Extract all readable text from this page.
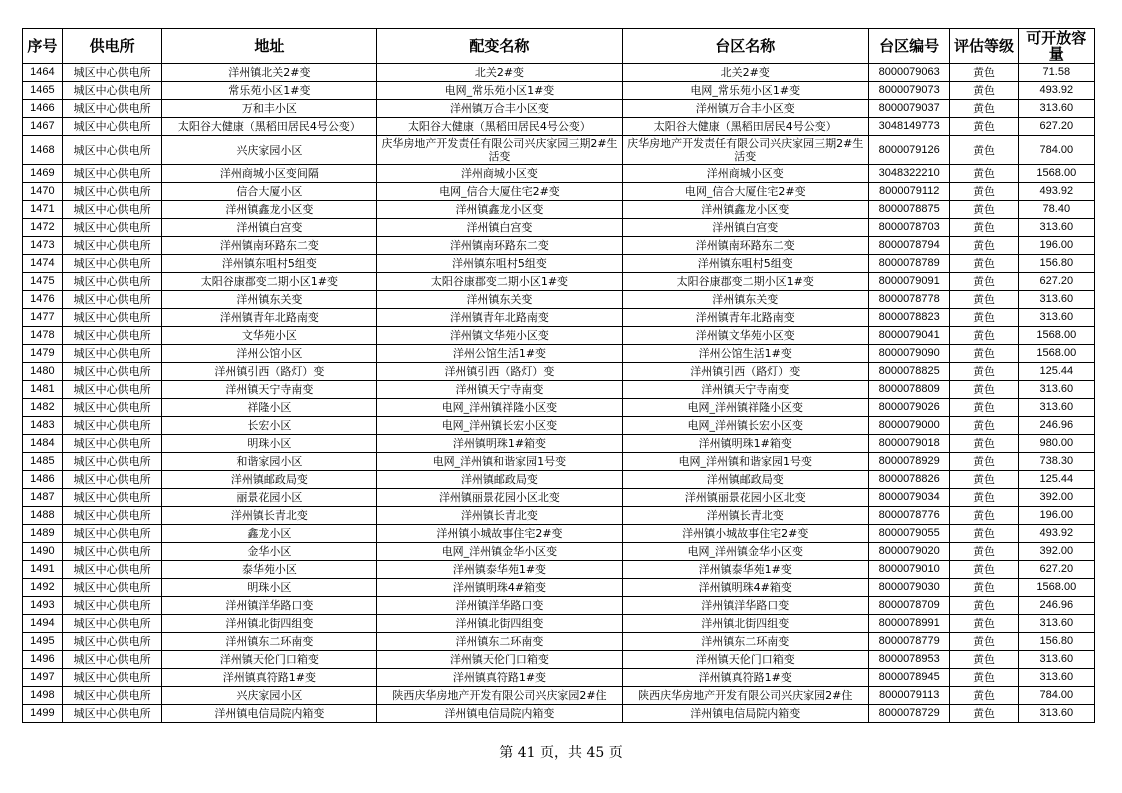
序号	供电所	地址	配变名称	台区名称	台区编号	评估等级	可开放容量
1464	城区中心供电所	洋州镇北关2#变	北关2#变	北关2#变	8000079063	黄色	71.58
1465	城区中心供电所	常乐苑小区1#变	电网_常乐苑小区1#变	电网_常乐苑小区1#变	8000079073	黄色	493.92
1466	城区中心供电所	万和丰小区	洋州镇万合丰小区变	洋州镇万合丰小区变	8000079037	黄色	313.60
1467	城区中心供电所	太阳谷大健康（黑稻田居民4号公变）	太阳谷大健康（黑稻田居民4号公变）	太阳谷大健康（黑稻田居民4号公变）	3048149773	黄色	627.20
1468	城区中心供电所	兴庆家园小区	庆华房地产开发责任有限公司兴庆家园三期2#生活变	庆华房地产开发责任有限公司兴庆家园三期2#生活变	8000079126	黄色	784.00
1469	城区中心供电所	洋州商城小区变间隔	洋州商城小区变	洋州商城小区变	3048322210	黄色	1568.00
1470	城区中心供电所	信合大厦小区	电网_信合大厦住宅2#变	电网_信合大厦住宅2#变	8000079112	黄色	493.92
1471	城区中心供电所	洋州镇鑫龙小区变	洋州镇鑫龙小区变	洋州镇鑫龙小区变	8000078875	黄色	78.40
1472	城区中心供电所	洋州镇白宫变	洋州镇白宫变	洋州镇白宫变	8000078703	黄色	313.60
1473	城区中心供电所	洋州镇南环路东二变	洋州镇南环路东二变	洋州镇南环路东二变	8000078794	黄色	196.00
1474	城区中心供电所	洋州镇东咀村5组变	洋州镇东咀村5组变	洋州镇东咀村5组变	8000078789	黄色	156.80
1475	城区中心供电所	太阳谷康郡变二期小区1#变	太阳谷康郡变二期小区1#变	太阳谷康郡变二期小区1#变	8000079091	黄色	627.20
1476	城区中心供电所	洋州镇东关变	洋州镇东关变	洋州镇东关变	8000078778	黄色	313.60
1477	城区中心供电所	洋州镇青年北路南变	洋州镇青年北路南变	洋州镇青年北路南变	8000078823	黄色	313.60
1478	城区中心供电所	文华苑小区	洋州镇文华苑小区变	洋州镇文华苑小区变	8000079041	黄色	1568.00
1479	城区中心供电所	洋州公馆小区	洋州公馆生活1#变	洋州公馆生活1#变	8000079090	黄色	1568.00
1480	城区中心供电所	洋州镇引西（路灯）变	洋州镇引西（路灯）变	洋州镇引西（路灯）变	8000078825	黄色	125.44
1481	城区中心供电所	洋州镇天宁寺南变	洋州镇天宁寺南变	洋州镇天宁寺南变	8000078809	黄色	313.60
1482	城区中心供电所	祥隆小区	电网_洋州镇祥隆小区变	电网_洋州镇祥隆小区变	8000079026	黄色	313.60
1483	城区中心供电所	长宏小区	电网_洋州镇长宏小区变	电网_洋州镇长宏小区变	8000079000	黄色	246.96
1484	城区中心供电所	明珠小区	洋州镇明珠1#箱变	洋州镇明珠1#箱变	8000079018	黄色	980.00
1485	城区中心供电所	和谐家园小区	电网_洋州镇和谐家园1号变	电网_洋州镇和谐家园1号变	8000078929	黄色	738.30
1486	城区中心供电所	洋州镇邮政局变	洋州镇邮政局变	洋州镇邮政局变	8000078826	黄色	125.44
1487	城区中心供电所	丽景花园小区	洋州镇丽景花园小区北变	洋州镇丽景花园小区北变	8000079034	黄色	392.00
1488	城区中心供电所	洋州镇长青北变	洋州镇长青北变	洋州镇长青北变	8000078776	黄色	196.00
1489	城区中心供电所	鑫龙小区	洋州镇小城故事住宅2#变	洋州镇小城故事住宅2#变	8000079055	黄色	493.92
1490	城区中心供电所	金华小区	电网_洋州镇金华小区变	电网_洋州镇金华小区变	8000079020	黄色	392.00
1491	城区中心供电所	泰华苑小区	洋州镇泰华苑1#变	洋州镇泰华苑1#变	8000079010	黄色	627.20
1492	城区中心供电所	明珠小区	洋州镇明珠4#箱变	洋州镇明珠4#箱变	8000079030	黄色	1568.00
1493	城区中心供电所	洋州镇洋华路口变	洋州镇洋华路口变	洋州镇洋华路口变	8000078709	黄色	246.96
1494	城区中心供电所	洋州镇北街四组变	洋州镇北街四组变	洋州镇北街四组变	8000078991	黄色	313.60
1495	城区中心供电所	洋州镇东二环南变	洋州镇东二环南变	洋州镇东二环南变	8000078779	黄色	156.80
1496	城区中心供电所	洋州镇天伦门口箱变	洋州镇天伦门口箱变	洋州镇天伦门口箱变	8000078953	黄色	313.60
1497	城区中心供电所	洋州镇真符路1#变	洋州镇真符路1#变	洋州镇真符路1#变	8000078945	黄色	313.60
1498	城区中心供电所	兴庆家园小区	陕西庆华房地产开发有限公司兴庆家园2#住	陕西庆华房地产开发有限公司兴庆家园2#住	8000079113	黄色	784.00
1499	城区中心供电所	洋州镇电信局院内箱变	洋州镇电信局院内箱变	洋州镇电信局院内箱变	8000078729	黄色	313.60
第 41 页，共 45 页
